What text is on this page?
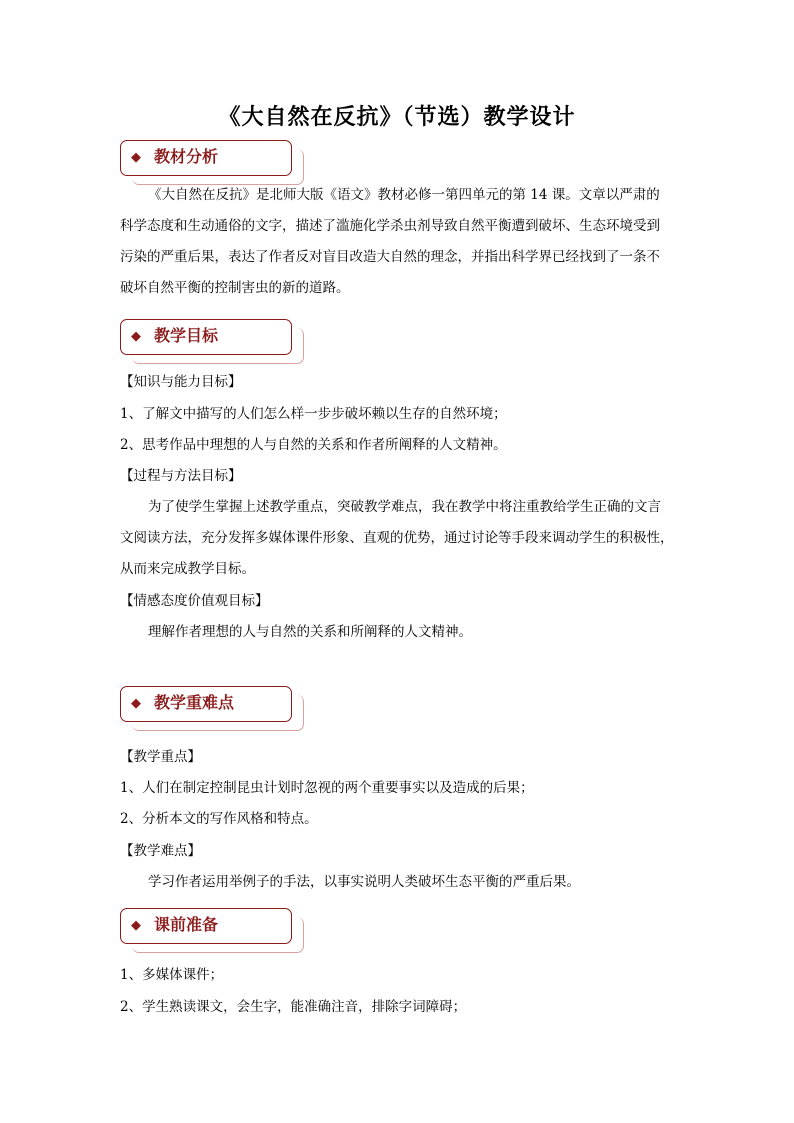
《大自然在反抗》（节选）教学设计
◆ 教材分析
《大自然在反抗》是北师大版《语文》教材必修一第四单元的第 14 课。文章以严肃的
科学态度和生动通俗的文字，描述了滥施化学杀虫剂导致自然平衡遭到破坏、生态环境受到
污染的严重后果，表达了作者反对盲目改造大自然的理念，并指出科学界已经找到了一条不
破坏自然平衡的控制害虫的新的道路。
◆ 教学目标
【知识与能力目标】
1、了解文中描写的人们怎么样一步步破坏赖以生存的自然环境；
2、思考作品中理想的人与自然的关系和作者所阐释的人文精神。
【过程与方法目标】
为了使学生掌握上述教学重点，突破教学难点，我在教学中将注重教给学生正确的文言
文阅读方法，充分发挥多媒体课件形象、直观的优势，通过讨论等手段来调动学生的积极性，
从而来完成教学目标。
【情感态度价值观目标】
理解作者理想的人与自然的关系和所阐释的人文精神。
◆ 教学重难点
【教学重点】
1、人们在制定控制昆虫计划时忽视的两个重要事实以及造成的后果；
2、分析本文的写作风格和特点。
【教学难点】
学习作者运用举例子的手法，以事实说明人类破坏生态平衡的严重后果。
◆ 课前准备
1、多媒体课件；
2、学生熟读课文，会生字，能准确注音，排除字词障碍；
